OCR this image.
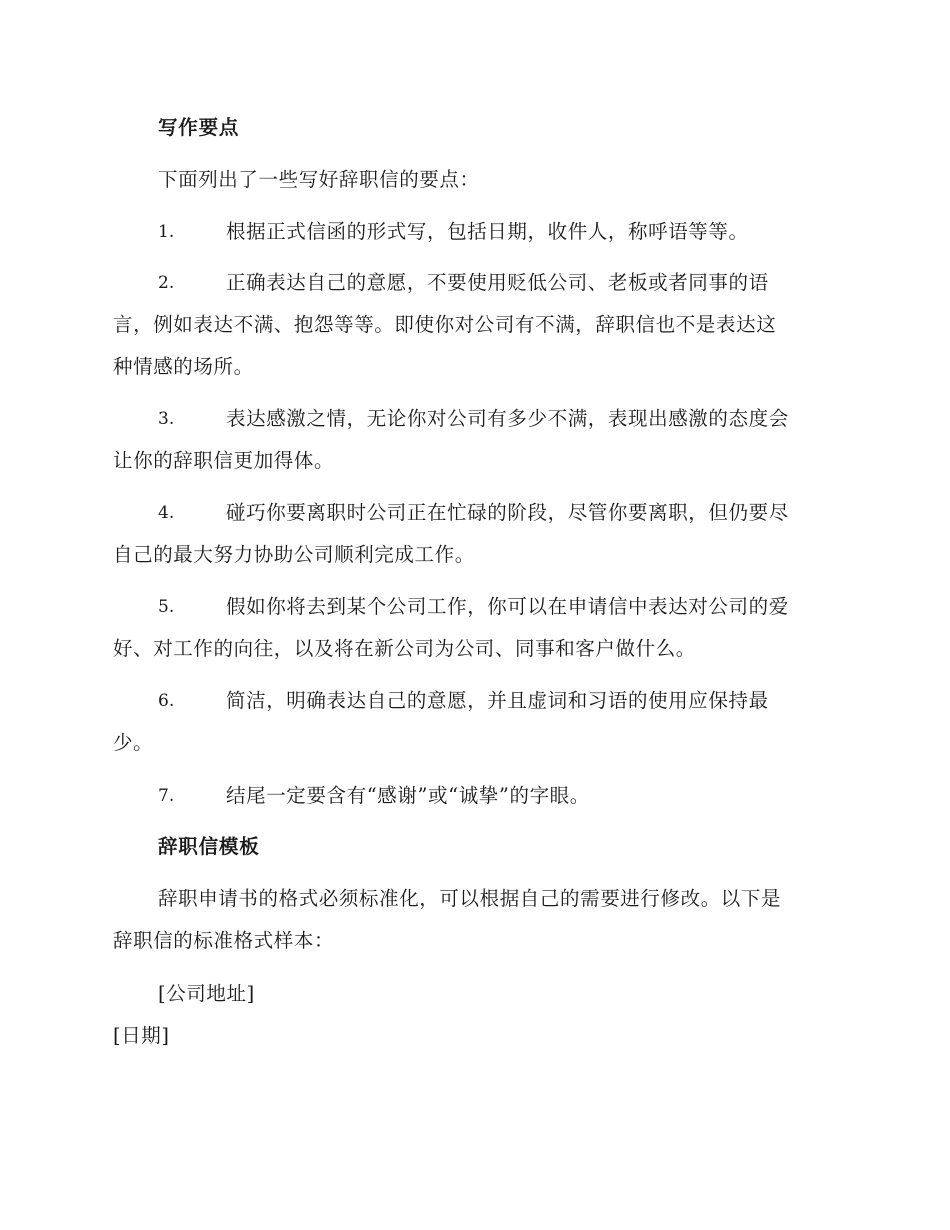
写作要点
下面列出了一些写好辞职信的要点：
1.	根据正式信函的形式写，包括日期，收件人，称呼语等等。
2.	正确表达自己的意愿，不要使用贬低公司、老板或者同事的语
言，例如表达不满、抱怨等等。即使你对公司有不满，辞职信也不是表达这
种情感的场所。
3.	表达感激之情，无论你对公司有多少不满，表现出感激的态度会
让你的辞职信更加得体。
4.	碰巧你要离职时公司正在忙碌的阶段，尽管你要离职，但仍要尽
自己的最大努力协助公司顺利完成工作。
5.	假如你将去到某个公司工作，你可以在申请信中表达对公司的爱
好、对工作的向往，以及将在新公司为公司、同事和客户做什么。
6.	简洁，明确表达自己的意愿，并且虚词和习语的使用应保持最
少。
7.	结尾一定要含有“感谢”或“诚挚”的字眼。
辞职信模板
辞职申请书的格式必须标准化，可以根据自己的需要进行修改。以下是
辞职信的标准格式样本：
[公司地址]
[日期]
